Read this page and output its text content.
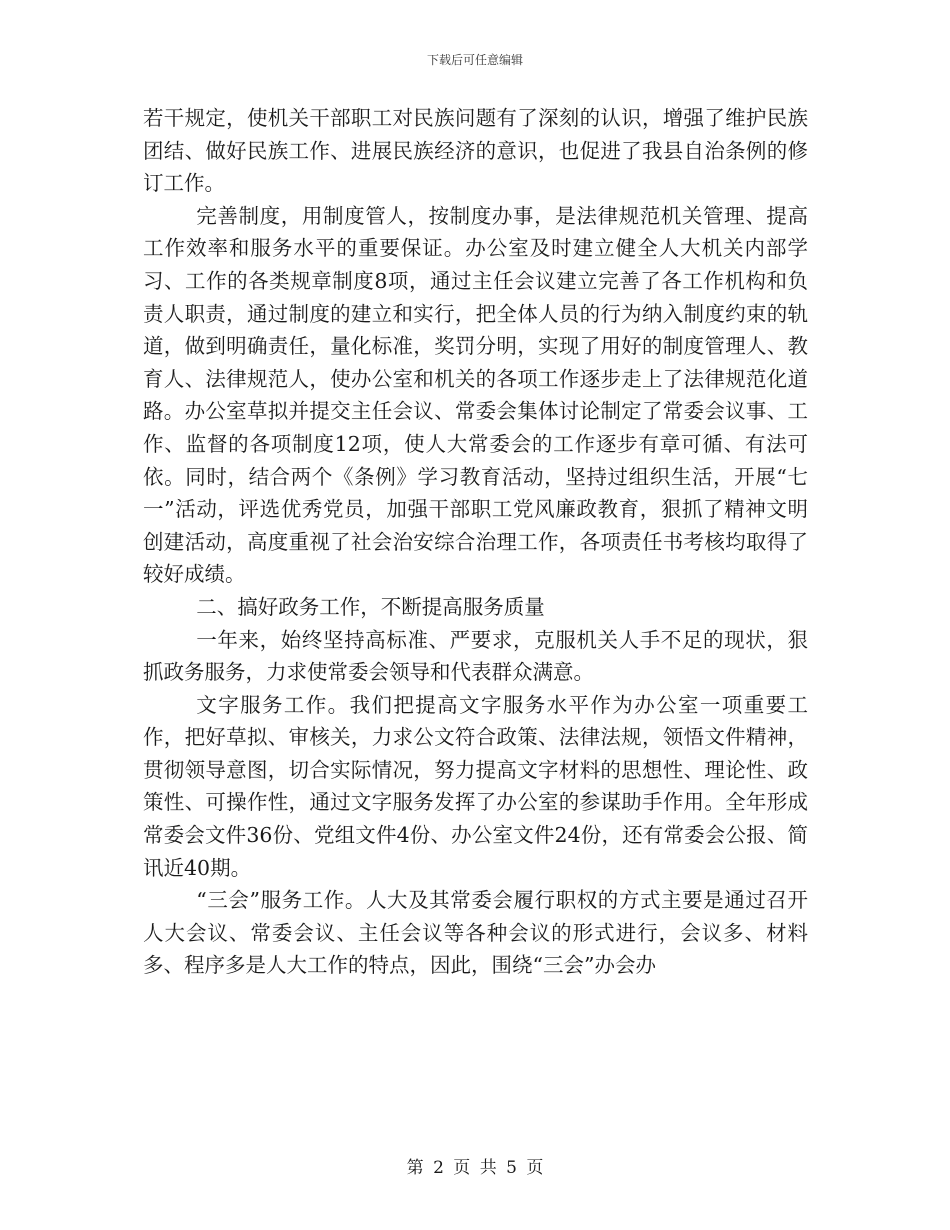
下载后可任意编辑

若干规定，使机关干部职工对民族问题有了深刻的认识，增强了维护民族团结、做好民族工作、进展民族经济的意识，也促进了我县自治条例的修订工作。

完善制度，用制度管人，按制度办事，是法律规范机关管理、提高工作效率和服务水平的重要保证。办公室及时建立健全人大机关内部学习、工作的各类规章制度8项，通过主任会议建立完善了各工作机构和负责人职责，通过制度的建立和实行，把全体人员的行为纳入制度约束的轨道，做到明确责任，量化标准，奖罚分明，实现了用好的制度管理人、教育人、法律规范人，使办公室和机关的各项工作逐步走上了法律规范化道路。办公室草拟并提交主任会议、常委会集体讨论制定了常委会议事、工作、监督的各项制度12项，使人大常委会的工作逐步有章可循、有法可依。同时，结合两个《条例》学习教育活动，坚持过组织生活，开展“七一”活动，评选优秀党员，加强干部职工党风廉政教育，狠抓了精神文明创建活动，高度重视了社会治安综合治理工作，各项责任书考核均取得了较好成绩。

二、搞好政务工作，不断提高服务质量

一年来，始终坚持高标准、严要求，克服机关人手不足的现状，狠抓政务服务，力求使常委会领导和代表群众满意。

文字服务工作。我们把提高文字服务水平作为办公室一项重要工作，把好草拟、审核关，力求公文符合政策、法律法规，领悟文件精神，贯彻领导意图，切合实际情况，努力提高文字材料的思想性、理论性、政策性、可操作性，通过文字服务发挥了办公室的参谋助手作用。全年形成常委会文件36份、党组文件4份、办公室文件24份，还有常委会公报、简讯近40期。

“三会”服务工作。人大及其常委会履行职权的方式主要是通过召开人大会议、常委会议、主任会议等各种会议的形式进行，会议多、材料多、程序多是人大工作的特点，因此，围绕“三会”办会办

第 2 页 共 5 页
